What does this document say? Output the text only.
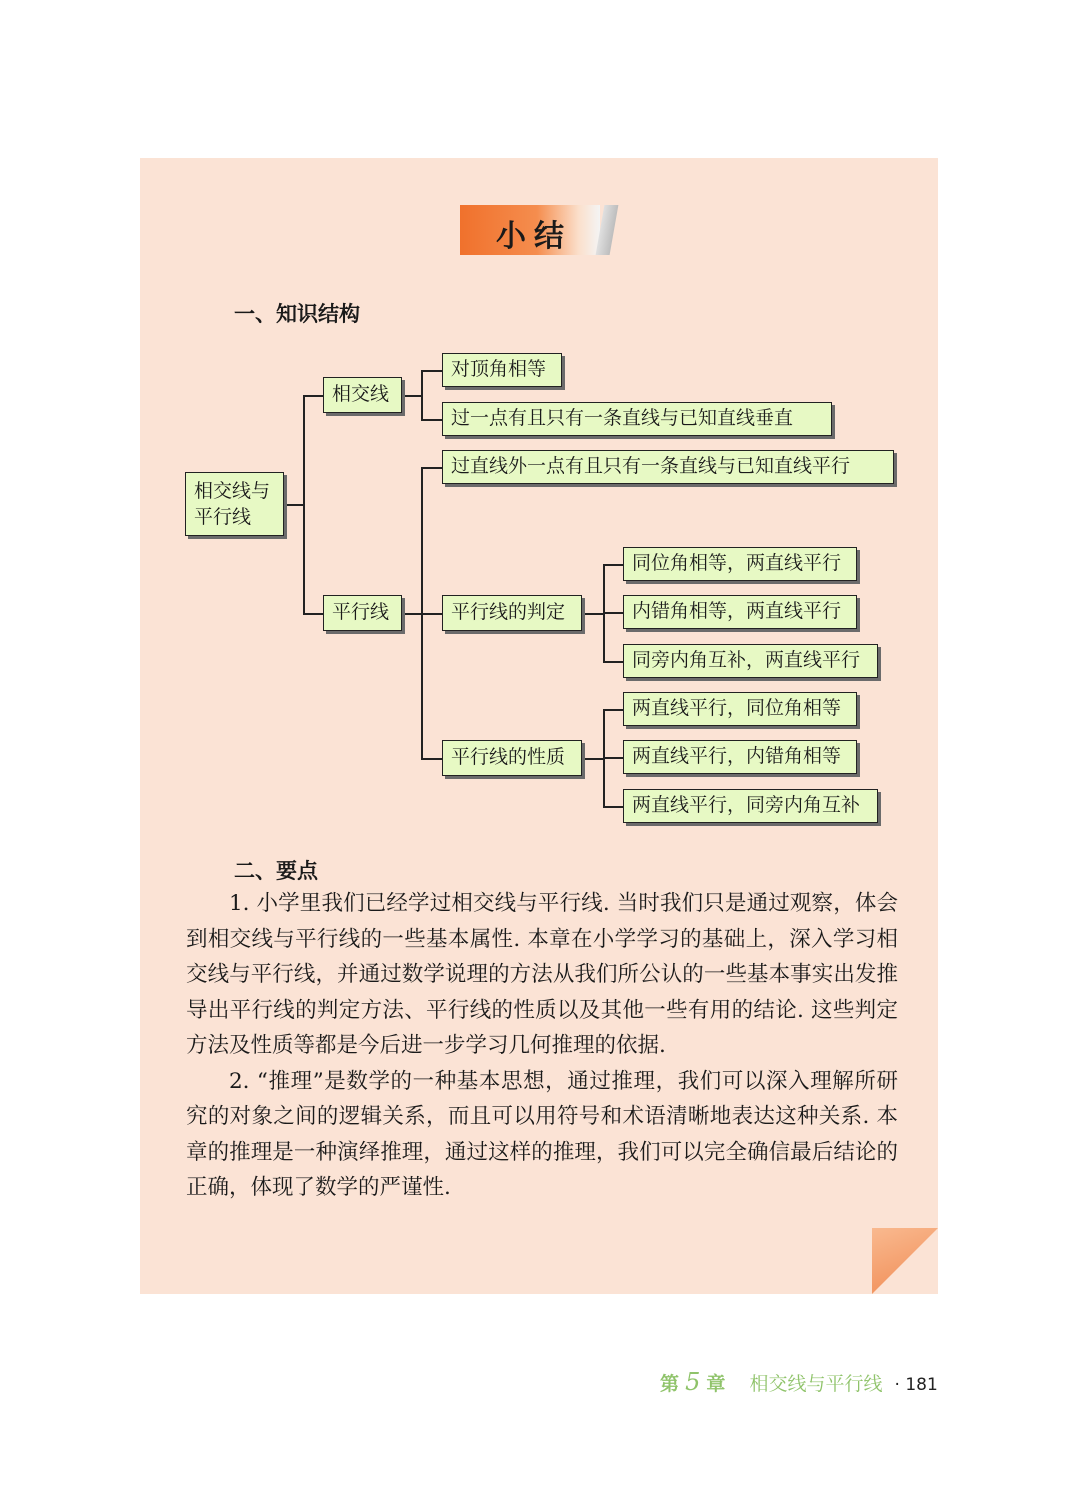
小结
一、知识结构
相交线与
平行线
相交线
平行线
对顶角相等
过一点有且只有一条直线与已知直线垂直
过直线外一点有且只有一条直线与已知直线平行
平行线的判定
平行线的性质
同位角相等，两直线平行
内错角相等，两直线平行
同旁内角互补，两直线平行
两直线平行，同位角相等
两直线平行，内错角相等
两直线平行，同旁内角互补
二、要点

1. 小学里我们已经学过相交线与平行线. 当时我们只是通过观察，体会到相交线与平行线的一些基本属性. 本章在小学学习的基础上，深入学习相交线与平行线，并通过数学说理的方法从我们所公认的一些基本事实出发推导出平行线的判定方法、平行线的性质以及其他一些有用的结论. 这些判定方法及性质等都是今后进一步学习几何推理的依据.

2. “推理”是数学的一种基本思想，通过推理，我们可以深入理解所研究的对象之间的逻辑关系，而且可以用符号和术语清晰地表达这种关系. 本章的推理是一种演绎推理，通过这样的推理，我们可以完全确信最后结论的正确，体现了数学的严谨性.

第 5 章 相交线与平行线 · 181
